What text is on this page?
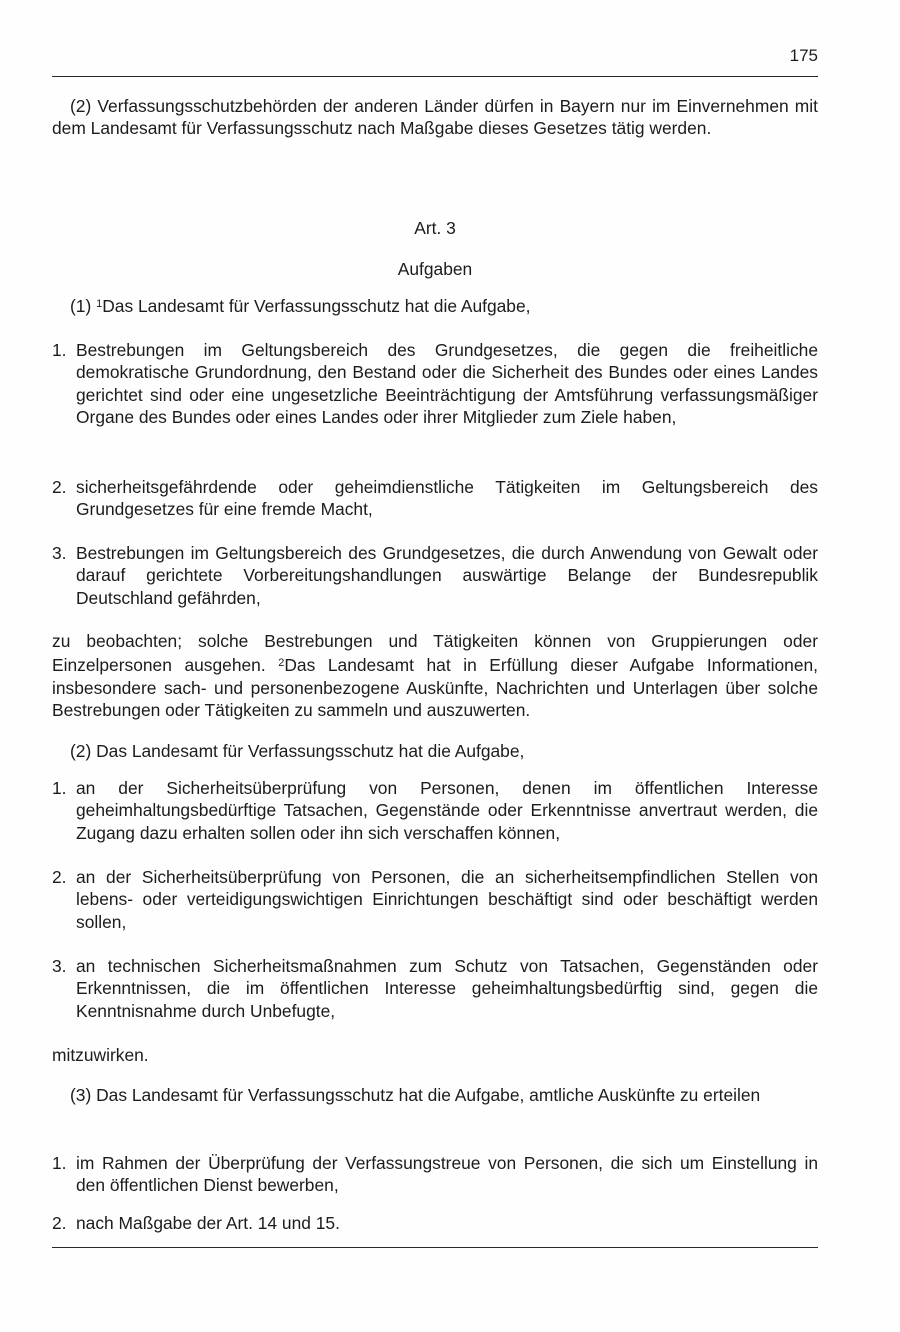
175
(2) Verfassungsschutzbehörden der anderen Länder dürfen in Bayern nur im Einvernehmen mit dem Landesamt für Verfassungsschutz nach Maßgabe dieses Gesetzes tätig werden.
Art. 3
Aufgaben
(1) $^1$Das Landesamt für Verfassungsschutz hat die Aufgabe,
1. Bestrebungen im Geltungsbereich des Grundgesetzes, die gegen die freiheitliche demokratische Grundordnung, den Bestand oder die Sicherheit des Bundes oder eines Landes gerichtet sind oder eine ungesetzliche Beeinträchtigung der Amtsführung verfassungsmäßiger Organe des Bundes oder eines Landes oder ihrer Mitglieder zum Ziele haben,
2. sicherheitsgefährdende oder geheimdienstliche Tätigkeiten im Geltungsbereich des Grundgesetzes für eine fremde Macht,
3. Bestrebungen im Geltungsbereich des Grundgesetzes, die durch Anwendung von Gewalt oder darauf gerichtete Vorbereitungshandlungen auswärtige Belange der Bundesrepublik Deutschland gefährden,
zu beobachten; solche Bestrebungen und Tätigkeiten können von Gruppierungen oder Einzelpersonen ausgehen. $^2$Das Landesamt hat in Erfüllung dieser Aufgabe Informationen, insbesondere sach- und personenbezogene Auskünfte, Nachrichten und Unterlagen über solche Bestrebungen oder Tätigkeiten zu sammeln und auszuwerten.
(2) Das Landesamt für Verfassungsschutz hat die Aufgabe,
1. an der Sicherheitsüberprüfung von Personen, denen im öffentlichen Interesse geheimhaltungsbedürftige Tatsachen, Gegenstände oder Erkenntnisse anvertraut werden, die Zugang dazu erhalten sollen oder ihn sich verschaffen können,
2. an der Sicherheitsüberprüfung von Personen, die an sicherheitsempfindlichen Stellen von lebens- oder verteidigungswichtigen Einrichtungen beschäftigt sind oder beschäftigt werden sollen,
3. an technischen Sicherheitsmaßnahmen zum Schutz von Tatsachen, Gegenständen oder Erkenntnissen, die im öffentlichen Interesse geheimhaltungsbedürftig sind, gegen die Kenntnisnahme durch Unbefugte,
mitzuwirken.
(3) Das Landesamt für Verfassungsschutz hat die Aufgabe, amtliche Auskünfte zu erteilen
1. im Rahmen der Überprüfung der Verfassungstreue von Personen, die sich um Einstellung in den öffentlichen Dienst bewerben,
2. nach Maßgabe der Art. 14 und 15.
